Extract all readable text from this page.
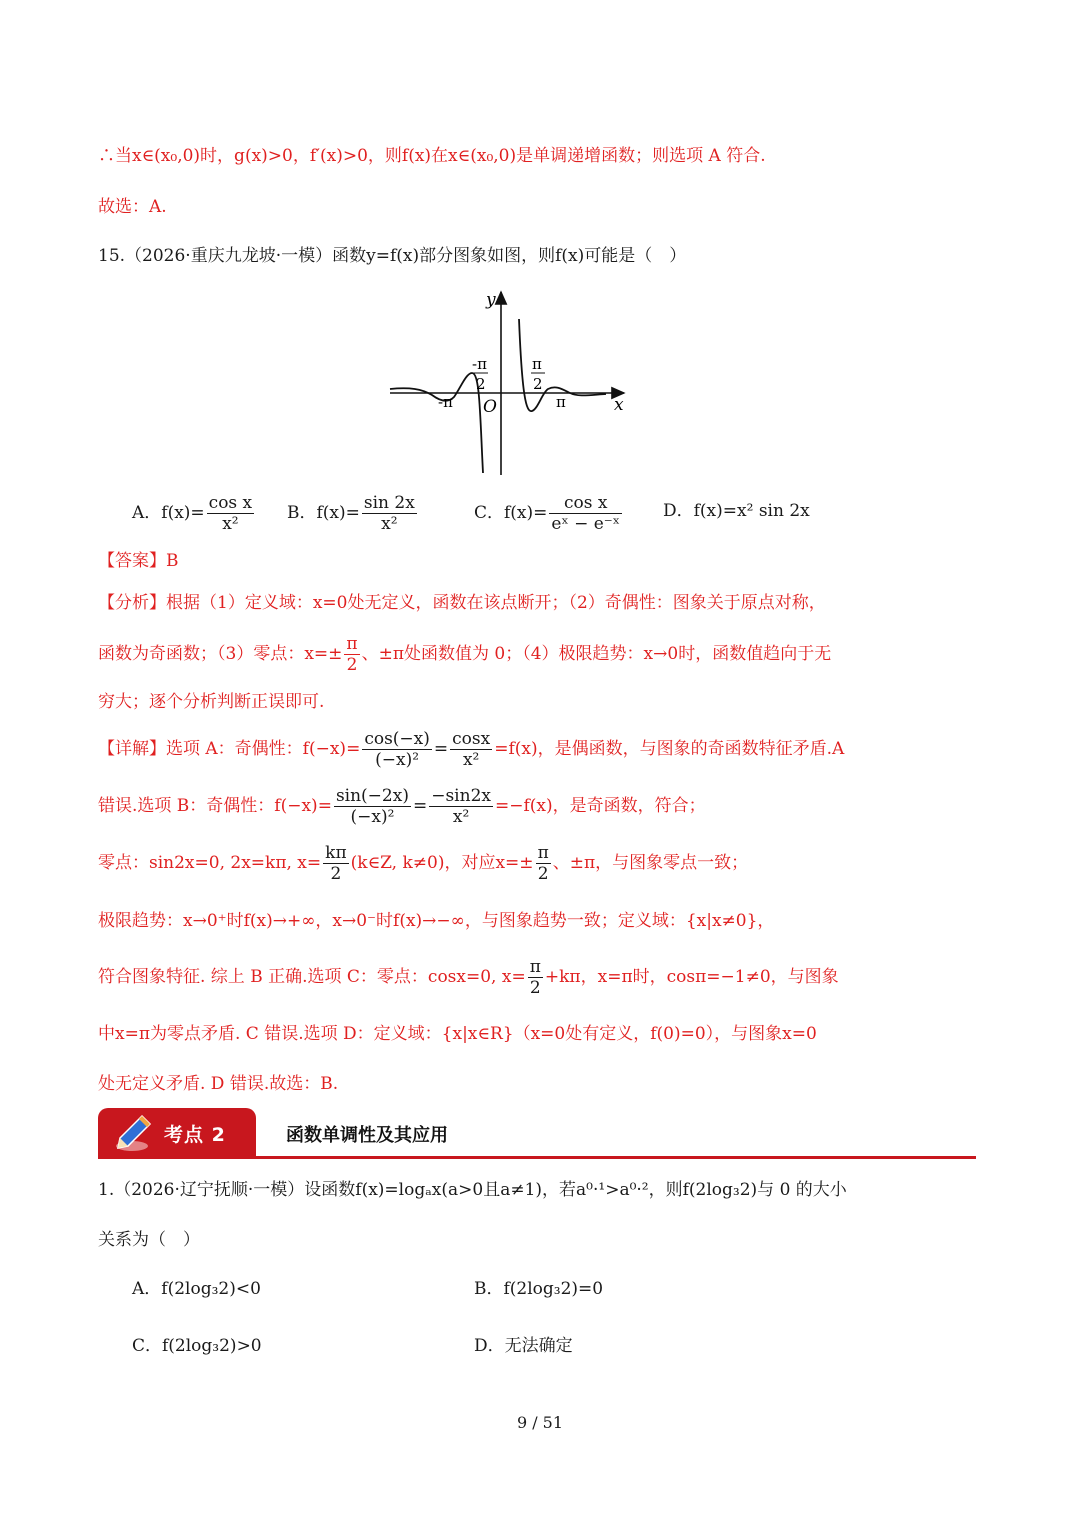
∴当x∈(x₀,0)时，g(x)>0，f′(x)>0，则f(x)在x∈(x₀,0)是单调递增函数；则选项 A 符合.
故选：A.
15.（2026·重庆九龙坡·一模）函数y=f(x)部分图象如图，则f(x)可能是（　）
y
x
O
-π	π
-π
2
π
2
A．$f(x)= \frac{\text{cos x}}{\text{x²}}$ B．$f(x)= \frac{\sin 2x}{\text{x²}}$	C．$f(x)= \frac{\text{cos x}}{\text{eˣ − e⁻ˣ}}$ D．f(x)=x² sin 2x
【答案】B
【分析】根据（1）定义域：x=0处无定义，函数在该点断开；（2）奇偶性：图象关于原点对称，
函数为奇函数；（3）零点：$x=\pm \frac{\pi}{2}$ 、±π处函数值为 0；（4）极限趋势：x→0时，函数值趋向于无
穷大；逐个分析判断正误即可.
【详解】选项 A：奇偶性：$f(-x)= \frac{\cos(-x)}{\text{(−x)²}} = \frac{\cos x}{\text{x²}} =f(x)$，是偶函数，与图象的奇函数特征矛盾.A
错误.选项 B：奇偶性：$f(-x)= \frac{\sin(-2x)}{\text{(−x)²}} = \frac{-\sin 2x}{\text{x²}} =-f(x)$，是奇函数，符合；
零点：sin2x=0, 2x=kπ, $x= \frac{k\pi}{2}$ (k∈Z, k≠0)，对应$x=\pm \frac{\pi}{2}$ 、±π，与图象零点一致；
极限趋势：x→0⁺时f(x)→+∞，x→0⁻时f(x)→−∞，与图象趋势一致；定义域：{x|x≠0}，
符合图象特征. 综上 B 正确.选项 C：零点：cosx=0, $x= \frac{\pi}{2} +k\pi$，x=π时，cosπ=−1≠0，与图象
中x=π为零点矛盾. C 错误.选项 D：定义域：{x|x∈R}（x=0处有定义，f(0)=0），与图象x=0
处无定义矛盾. D 错误.故选：B.
考点 2	函数单调性及其应用
1.（2026·辽宁抚顺·一模）设函数f(x)=logₐx(a>0且a≠1)，若a⁰·¹>a⁰·²，则f(2log₃2)与 0 的大小
关系为（　）
A．f(2log₃2)<0	B．f(2log₃2)=0
C．f(2log₃2)>0	D．无法确定
9 / 51
